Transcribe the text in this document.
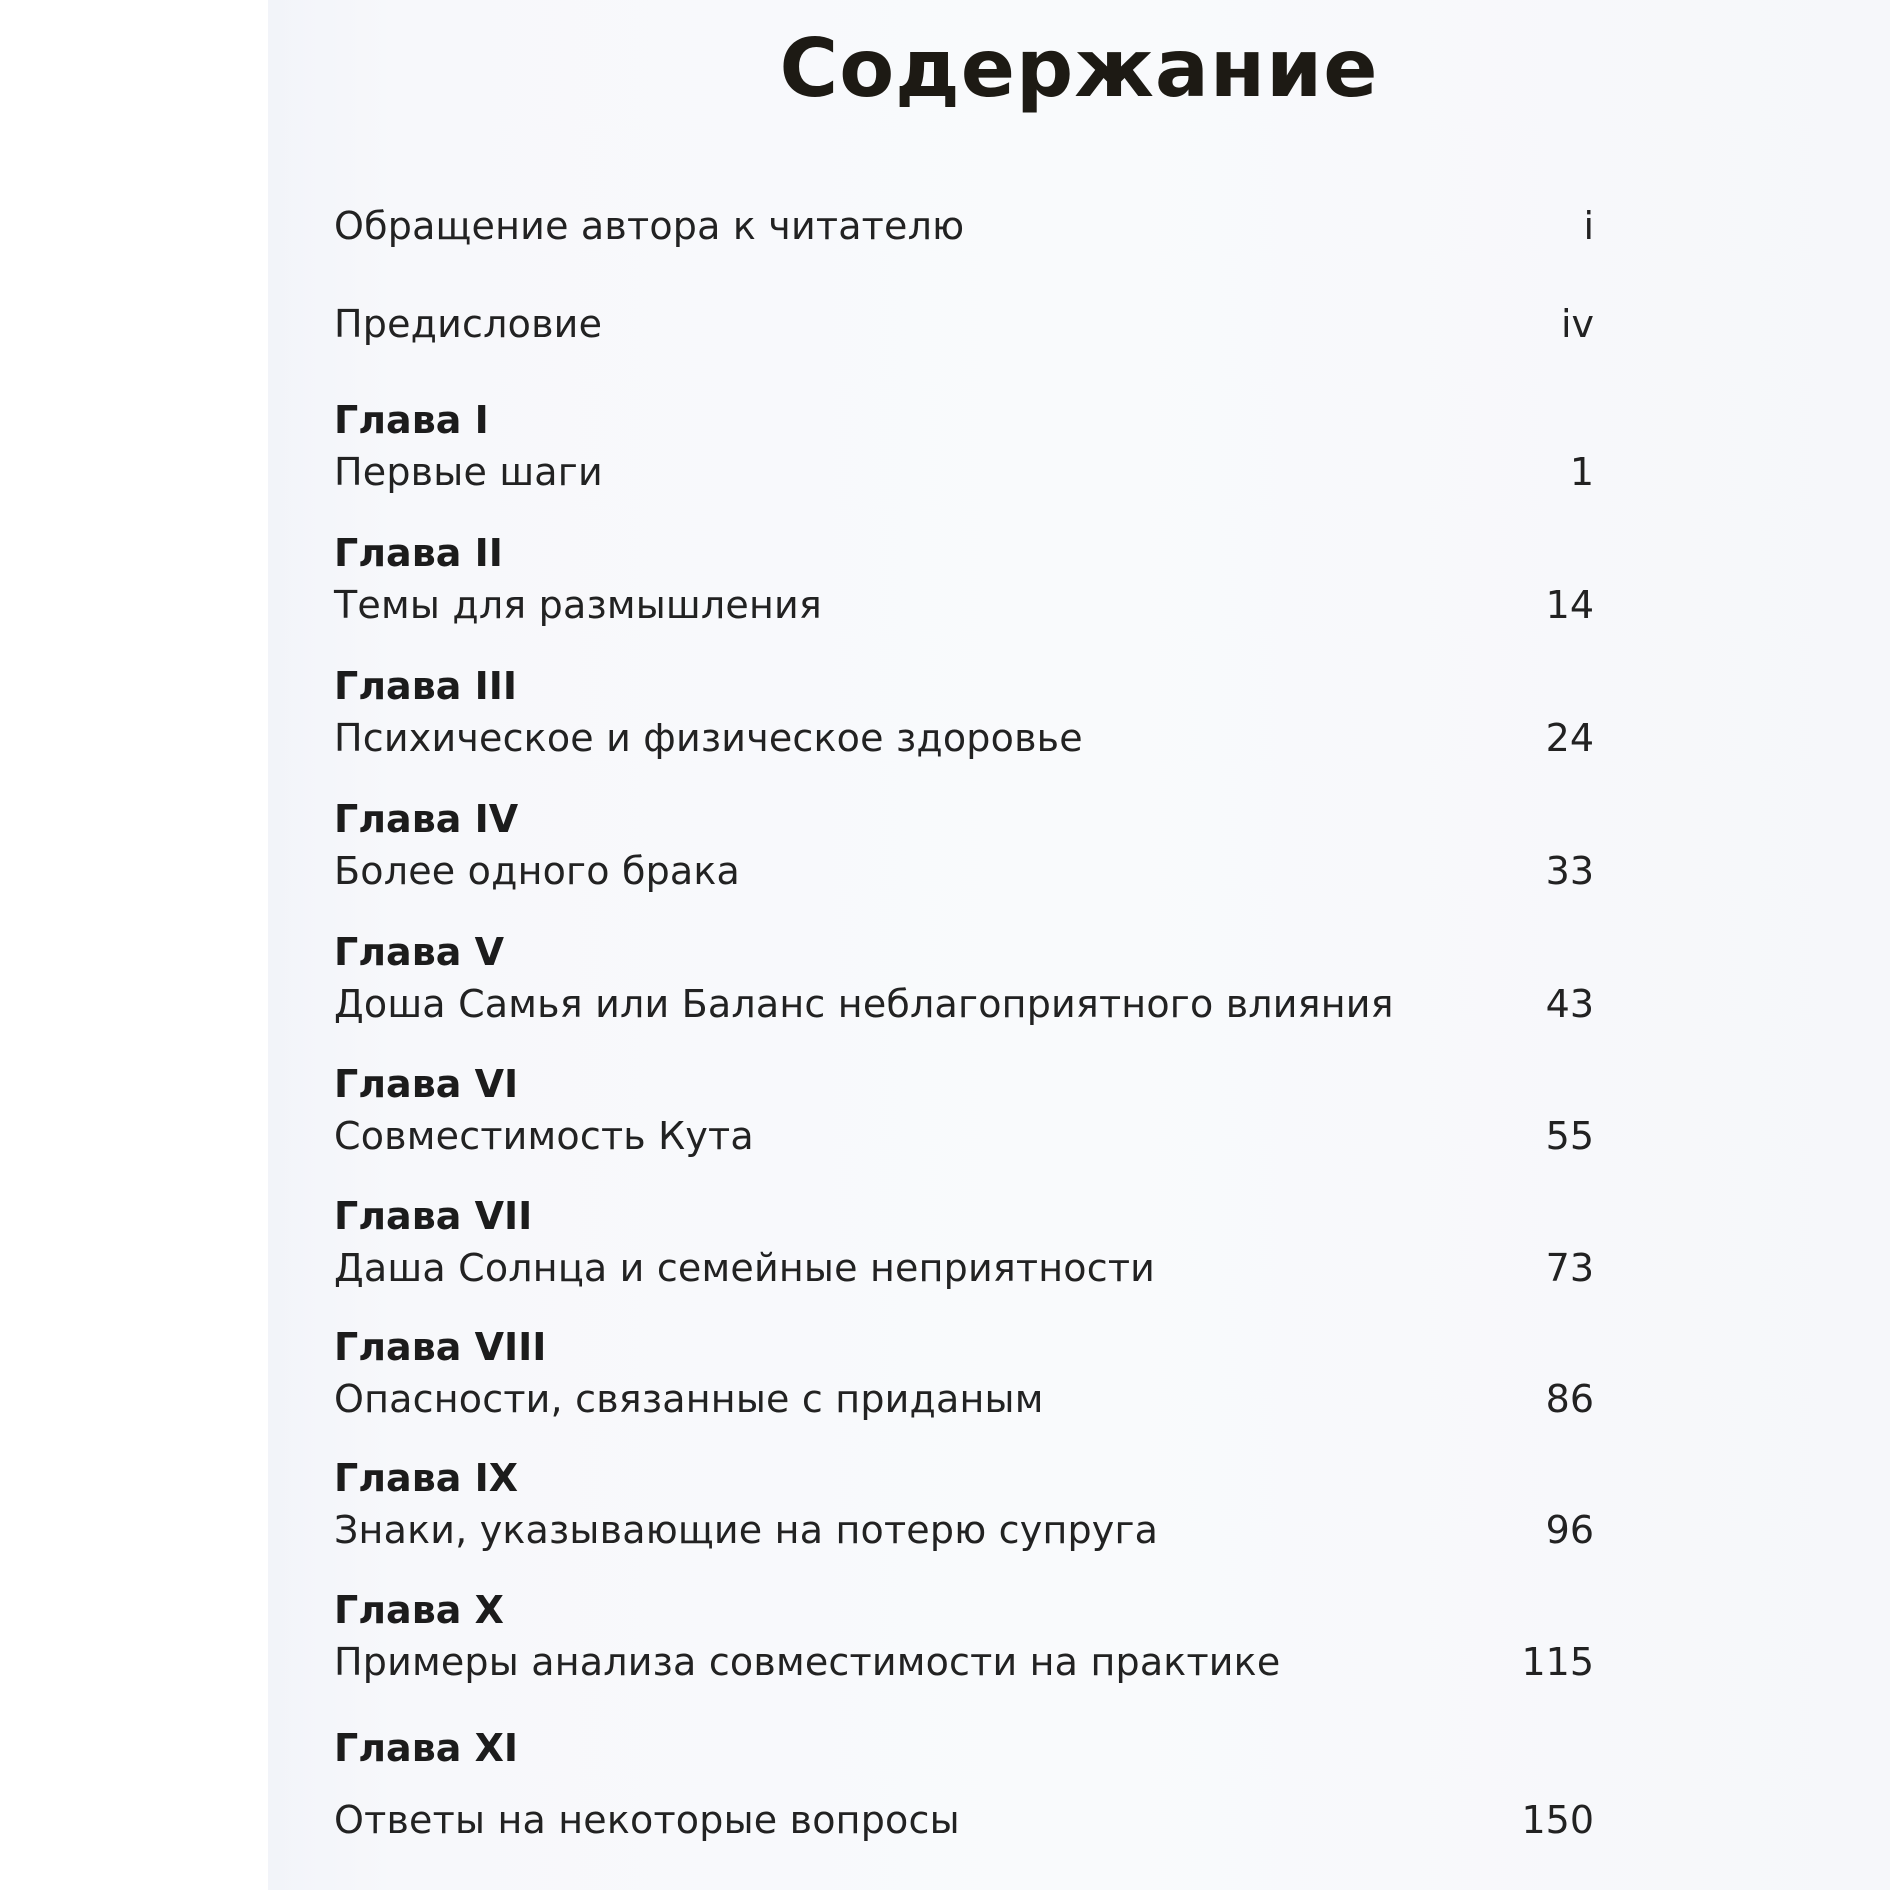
Содержание
Обращение автора к читателю	i
Предисловие	iv
Глава I
Первые шаги	1
Глава II
Темы для размышления	14
Глава III
Психическое и физическое здоровье	24
Глава IV
Более одного брака	33
Глава V
Доша Самья или Баланс неблагоприятного влияния	43
Глава VI
Совместимость Кута	55
Глава VII
Даша Солнца и семейные неприятности	73
Глава VIII
Опасности, связанные с приданым	86
Глава IX
Знаки, указывающие на потерю супруга	96
Глава X
Примеры анализа совместимости на практике	115
Глава XI
Ответы на некоторые вопросы	150
